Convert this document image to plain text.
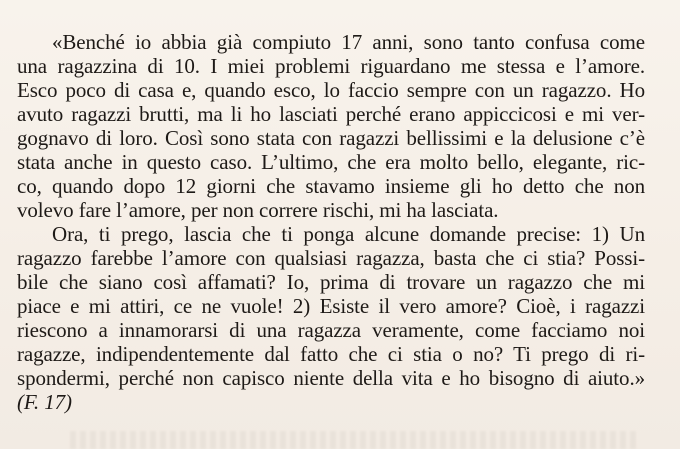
«Benché io abbia già compiuto 17 anni, sono tanto confusa come
una ragazzina di 10. I miei problemi riguardano me stessa e l’amore.
Esco poco di casa e, quando esco, lo faccio sempre con un ragazzo. Ho
avuto ragazzi brutti, ma li ho lasciati perché erano appiccicosi e mi ver-
gognavo di loro. Così sono stata con ragazzi bellissimi e la delusione c’è
stata anche in questo caso. L’ultimo, che era molto bello, elegante, ric-
co, quando dopo 12 giorni che stavamo insieme gli ho detto che non
volevo fare l’amore, per non correre rischi, mi ha lasciata.
Ora, ti prego, lascia che ti ponga alcune domande precise: 1) Un
ragazzo farebbe l’amore con qualsiasi ragazza, basta che ci stia? Possi-
bile che siano così affamati? Io, prima di trovare un ragazzo che mi
piace e mi attiri, ce ne vuole! 2) Esiste il vero amore? Cioè, i ragazzi
riescono a innamorarsi di una ragazza veramente, come facciamo noi
ragazze, indipendentemente dal fatto che ci stia o no? Ti prego di ri-
spondermi, perché non capisco niente della vita e ho bisogno di aiuto.»
(F. 17)
